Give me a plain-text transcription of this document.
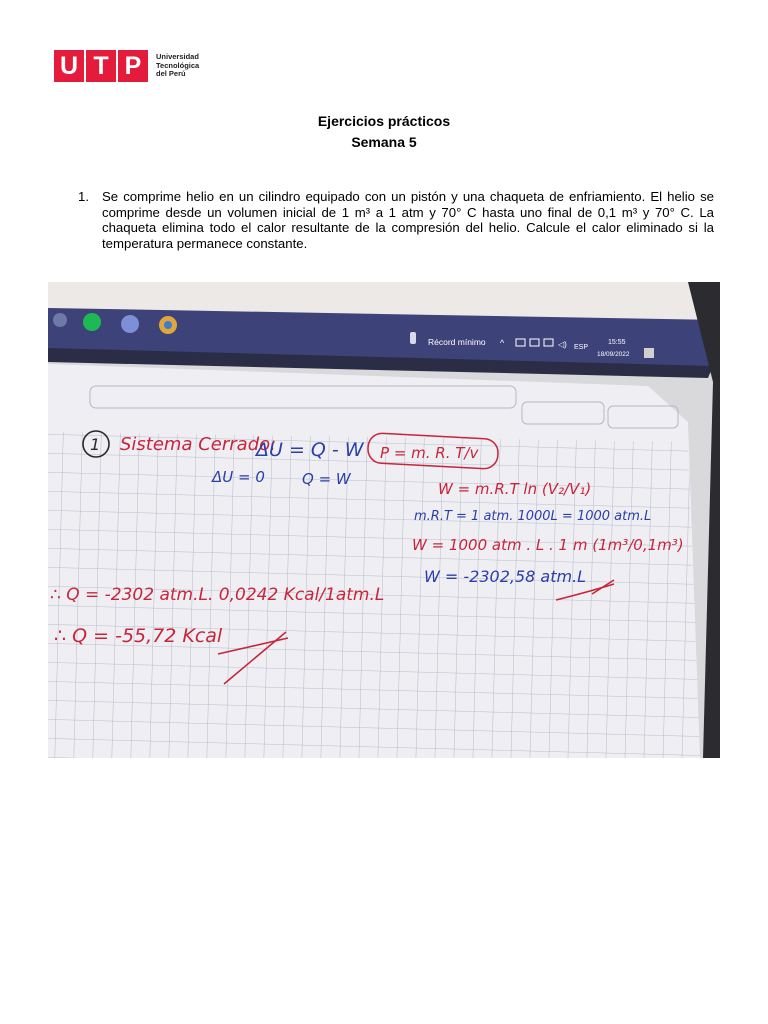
U T P	Universidad
Tecnológica
del Perú
Ejercicios prácticos
Semana 5
1. Se comprime helio en un cilindro equipado con un pistón y una chaqueta de enfriamiento. El helio se comprime desde un volumen inicial de 1 m³ a 1 atm y 70° C hasta uno final de 0,1 m³ y 70° C. La chaqueta elimina todo el calor resultante de la compresión del helio. Calcule el calor eliminado si la temperatura permanece constante.
Récord mínimo ^	◁) ESP
15:55
18/09/2022
1 Sistema Cerrado:
ΔU = Q - W P = m. R. T/v
ΔU = 0 Q = W
W = m.R.T ln (V₂/V₁)
m.R.T = 1 atm. 1000L = 1000 atm.L
W = 1000 atm . L . 1 m (1m³/0,1m³)
W = -2302,58 atm.L
∴ Q = -2302 atm.L. 0,0242 Kcal/1atm.L
∴ Q = -55,72 Kcal
